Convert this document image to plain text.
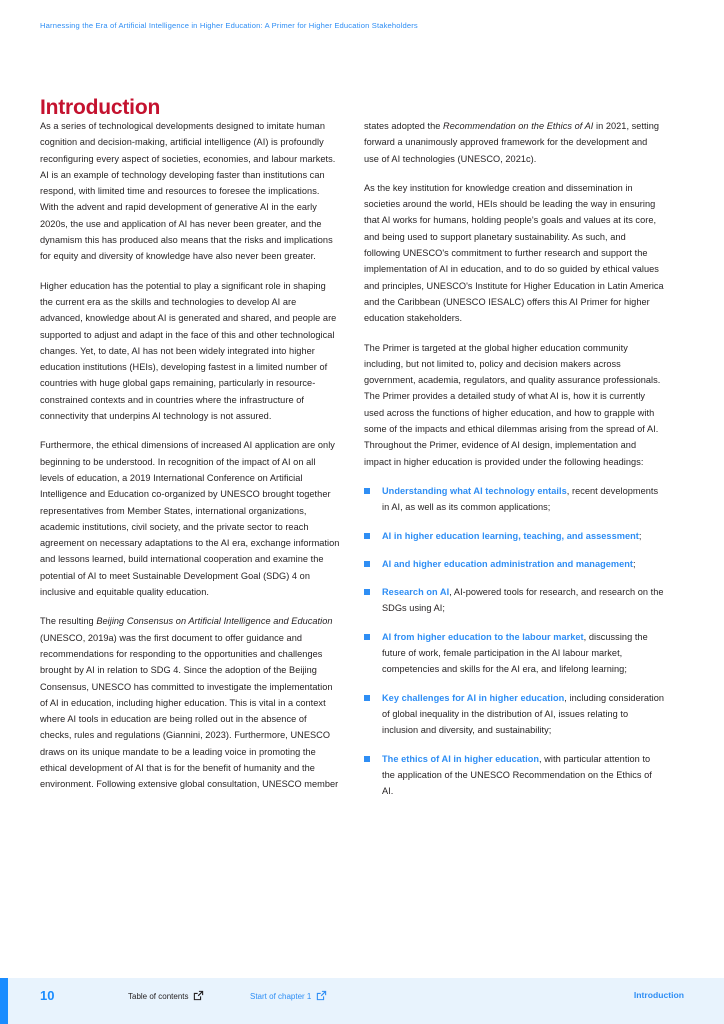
Harnessing the Era of Artificial Intelligence in Higher Education: A Primer for Higher Education Stakeholders
Introduction

As a series of technological developments designed to imitate human cognition and decision-making, artificial intelligence (AI) is profoundly reconfiguring every aspect of societies, economies, and labour markets. AI is an example of technology developing faster than institutions can respond, with limited time and resources to foresee the implications. With the advent and rapid development of generative AI in the early 2020s, the use and application of AI has never been greater, and the dynamism this has produced also means that the risks and implications for equity and diversity of knowledge have also never been greater.

Higher education has the potential to play a significant role in shaping the current era as the skills and technologies to develop AI are advanced, knowledge about AI is generated and shared, and people are supported to adjust and adapt in the face of this and other technological changes. Yet, to date, AI has not been widely integrated into higher education institutions (HEIs), developing fastest in a limited number of countries with huge global gaps remaining, particularly in resource-constrained contexts and in countries where the infrastructure of connectivity that underpins AI technology is not assured.

Furthermore, the ethical dimensions of increased AI application are only beginning to be understood. In recognition of the impact of AI on all levels of education, a 2019 International Conference on Artificial Intelligence and Education co-organized by UNESCO brought together representatives from Member States, international organizations, academic institutions, civil society, and the private sector to reach agreement on necessary adaptations to the AI era, exchange information and lessons learned, build international cooperation and examine the potential of AI to meet Sustainable Development Goal (SDG) 4 on inclusive and equitable quality education.

The resulting Beijing Consensus on Artificial Intelligence and Education (UNESCO, 2019a) was the first document to offer guidance and recommendations for responding to the opportunities and challenges brought by AI in relation to SDG 4. Since the adoption of the Beijing Consensus, UNESCO has committed to investigate the implementation of AI in education, including higher education. This is vital in a context where AI tools in education are being rolled out in the absence of checks, rules and regulations (Giannini, 2023). Furthermore, UNESCO draws on its unique mandate to be a leading voice in promoting the ethical development of AI that is for the benefit of humanity and the environment. Following extensive global consultation, UNESCO member

states adopted the Recommendation on the Ethics of AI in 2021, setting forward a unanimously approved framework for the development and use of AI technologies (UNESCO, 2021c).

As the key institution for knowledge creation and dissemination in societies around the world, HEIs should be leading the way in ensuring that AI works for humans, holding people's goals and values at its core, and being used to support planetary sustainability. As such, and following UNESCO's commitment to further research and support the implementation of AI in education, and to do so guided by ethical values and principles, UNESCO's Institute for Higher Education in Latin America and the Caribbean (UNESCO IESALC) offers this AI Primer for higher education stakeholders.

The Primer is targeted at the global higher education community including, but not limited to, policy and decision makers across government, academia, regulators, and quality assurance professionals. The Primer provides a detailed study of what AI is, how it is currently used across the functions of higher education, and how to grapple with some of the impacts and ethical dilemmas arising from the spread of AI. Throughout the Primer, evidence of AI design, implementation and impact in higher education is provided under the following headings:

Understanding what AI technology entails, recent developments in AI, as well as its common applications;
AI in higher education learning, teaching, and assessment;
AI and higher education administration and management;
Research on AI, AI-powered tools for research, and research on the SDGs using AI;
AI from higher education to the labour market, discussing the future of work, female participation in the AI labour market, competencies and skills for the AI era, and lifelong learning;
Key challenges for AI in higher education, including consideration of global inequality in the distribution of AI, issues relating to inclusion and diversity, and sustainability;
The ethics of AI in higher education, with particular attention to the application of the UNESCO Recommendation on the Ethics of AI.
10	Table of contents	Start of chapter 1	Introduction
